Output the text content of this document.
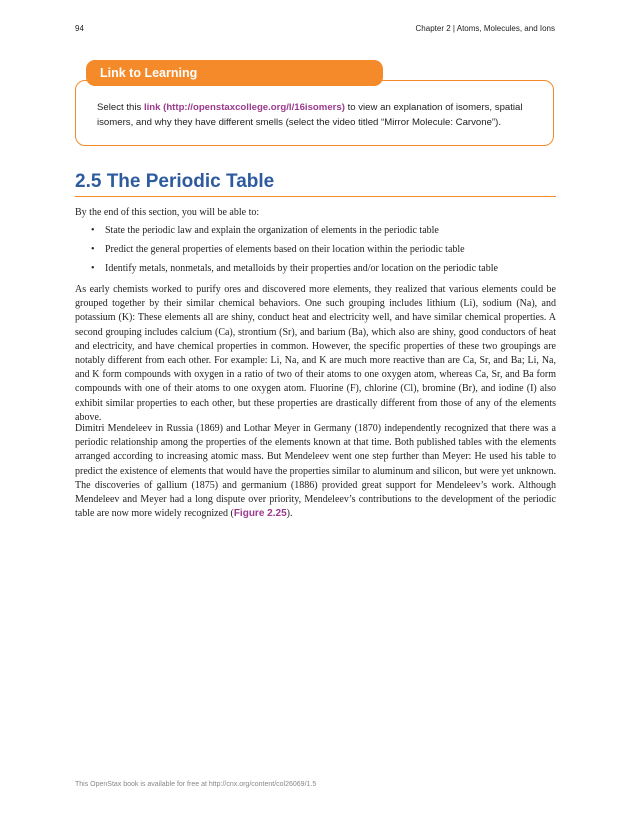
94	Chapter 2 | Atoms, Molecules, and Ions
Link to Learning
Select this link (http://openstaxcollege.org/l/16isomers) to view an explanation of isomers, spatial isomers, and why they have different smells (select the video titled “Mirror Molecule: Carvone”).
2.5 The Periodic Table

By the end of this section, you will be able to:

• State the periodic law and explain the organization of elements in the periodic table
• Predict the general properties of elements based on their location within the periodic table
• Identify metals, nonmetals, and metalloids by their properties and/or location on the periodic table

As early chemists worked to purify ores and discovered more elements, they realized that various elements could be grouped together by their similar chemical behaviors. One such grouping includes lithium (Li), sodium (Na), and potassium (K): These elements all are shiny, conduct heat and electricity well, and have similar chemical properties. A second grouping includes calcium (Ca), strontium (Sr), and barium (Ba), which also are shiny, good conductors of heat and electricity, and have chemical properties in common. However, the specific properties of these two groupings are notably different from each other. For example: Li, Na, and K are much more reactive than are Ca, Sr, and Ba; Li, Na, and K form compounds with oxygen in a ratio of two of their atoms to one oxygen atom, whereas Ca, Sr, and Ba form compounds with one of their atoms to one oxygen atom. Fluorine (F), chlorine (Cl), bromine (Br), and iodine (I) also exhibit similar properties to each other, but these properties are drastically different from those of any of the elements above.

Dimitri Mendeleev in Russia (1869) and Lothar Meyer in Germany (1870) independently recognized that there was a periodic relationship among the properties of the elements known at that time. Both published tables with the elements arranged according to increasing atomic mass. But Mendeleev went one step further than Meyer: He used his table to predict the existence of elements that would have the properties similar to aluminum and silicon, but were yet unknown. The discoveries of gallium (1875) and germanium (1886) provided great support for Mendeleev’s work. Although Mendeleev and Meyer had a long dispute over priority, Mendeleev’s contributions to the development of the periodic table are now more widely recognized (Figure 2.25).

This OpenStax book is available for free at http://cnx.org/content/col26069/1.5
